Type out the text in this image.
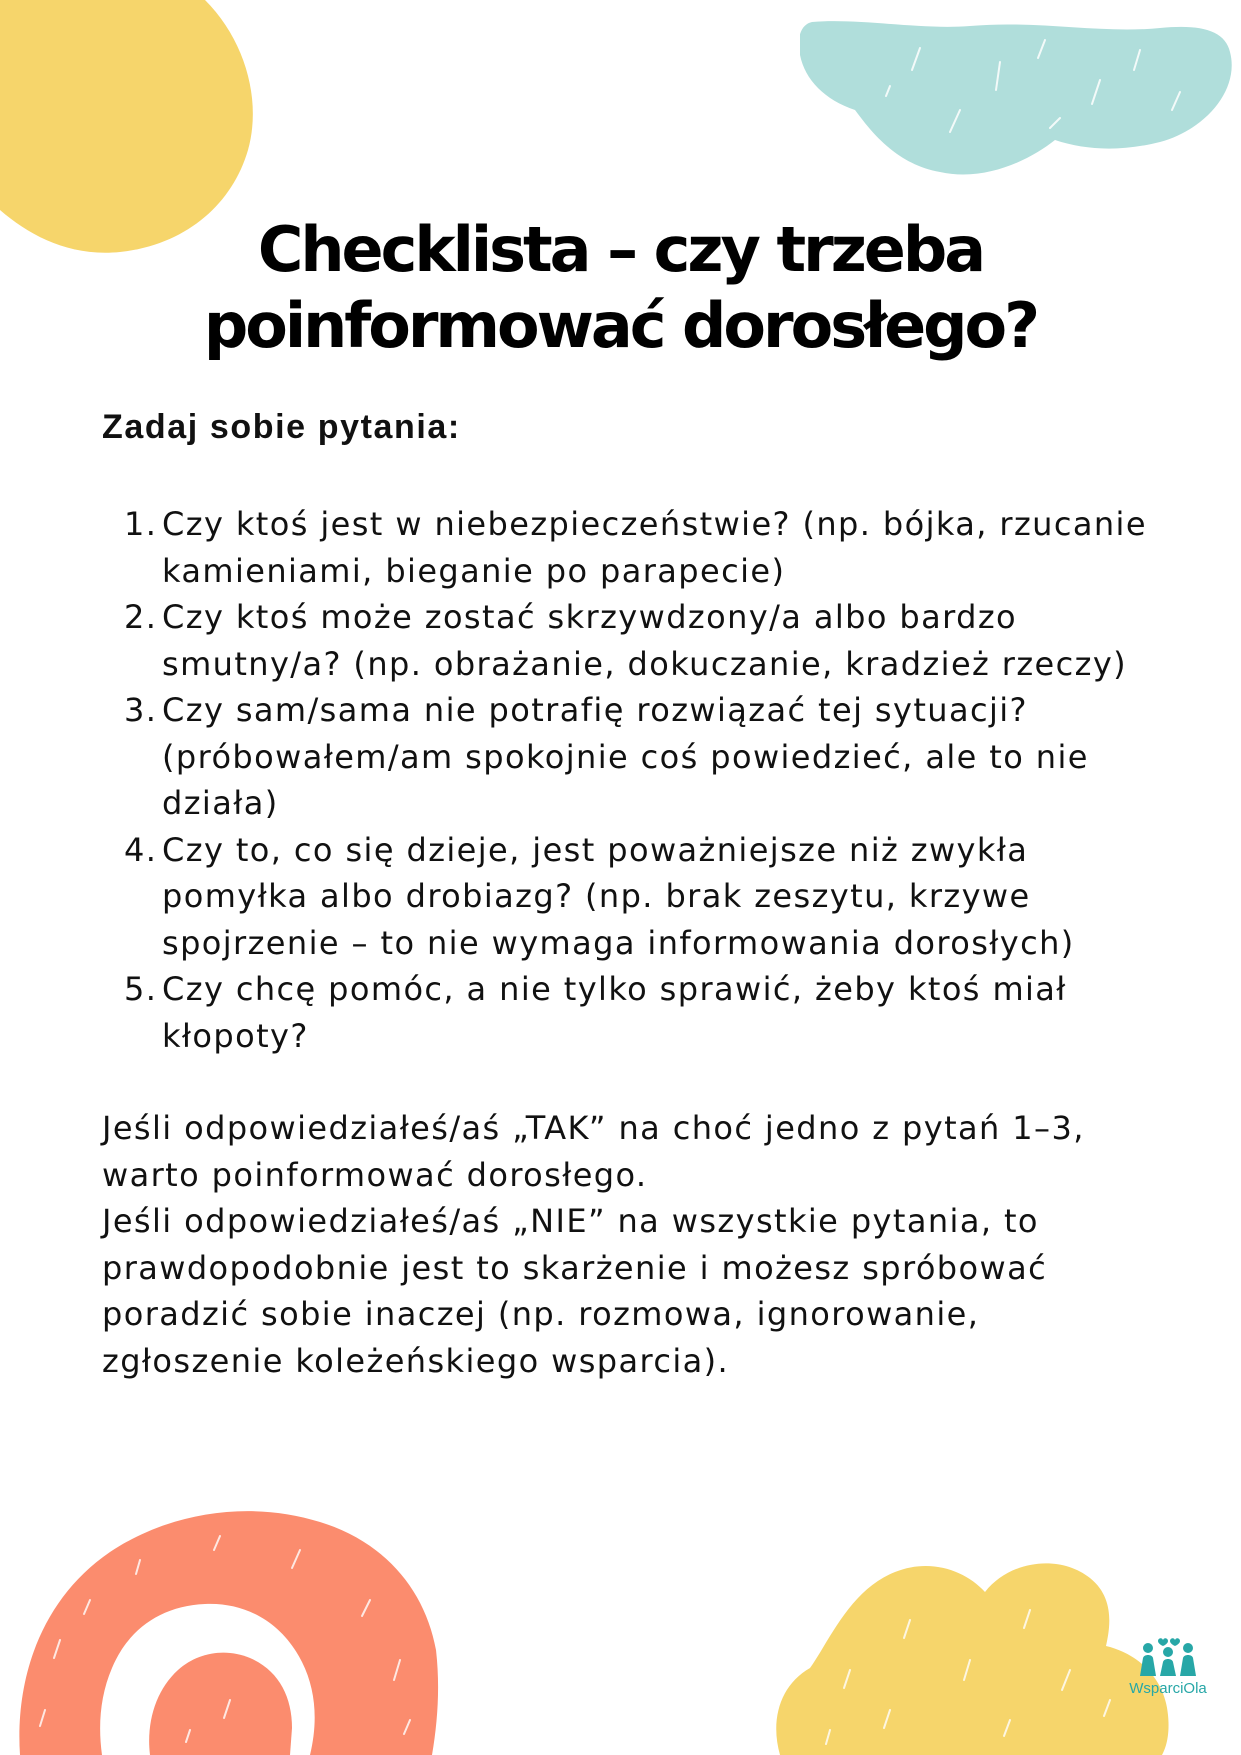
Checklista – czy trzeba
poinformować dorosłego?

Zadaj sobie pytania:

1. Czy ktoś jest w niebezpieczeństwie? (np. bójka, rzucanie kamieniami, bieganie po parapecie)
2. Czy ktoś może zostać skrzywdzony/a albo bardzo smutny/a? (np. obrażanie, dokuczanie, kradzież rzeczy)
3. Czy sam/sama nie potrafię rozwiązać tej sytuacji? (próbowałem/am spokojnie coś powiedzieć, ale to nie działa)
4. Czy to, co się dzieje, jest poważniejsze niż zwykła pomyłka albo drobiazg? (np. brak zeszytu, krzywe spojrzenie – to nie wymaga informowania dorosłych)
5. Czy chcę pomóc, a nie tylko sprawić, żeby ktoś miał kłopoty?

Jeśli odpowiedziałeś/aś „TAK” na choć jedno z pytań 1–3, warto poinformować dorosłego.

Jeśli odpowiedziałeś/aś „NIE” na wszystkie pytania, to prawdopodobnie jest to skarżenie i możesz spróbować poradzić sobie inaczej (np. rozmowa, ignorowanie, zgłoszenie koleżeńskiego wsparcia).

WsparciOla
